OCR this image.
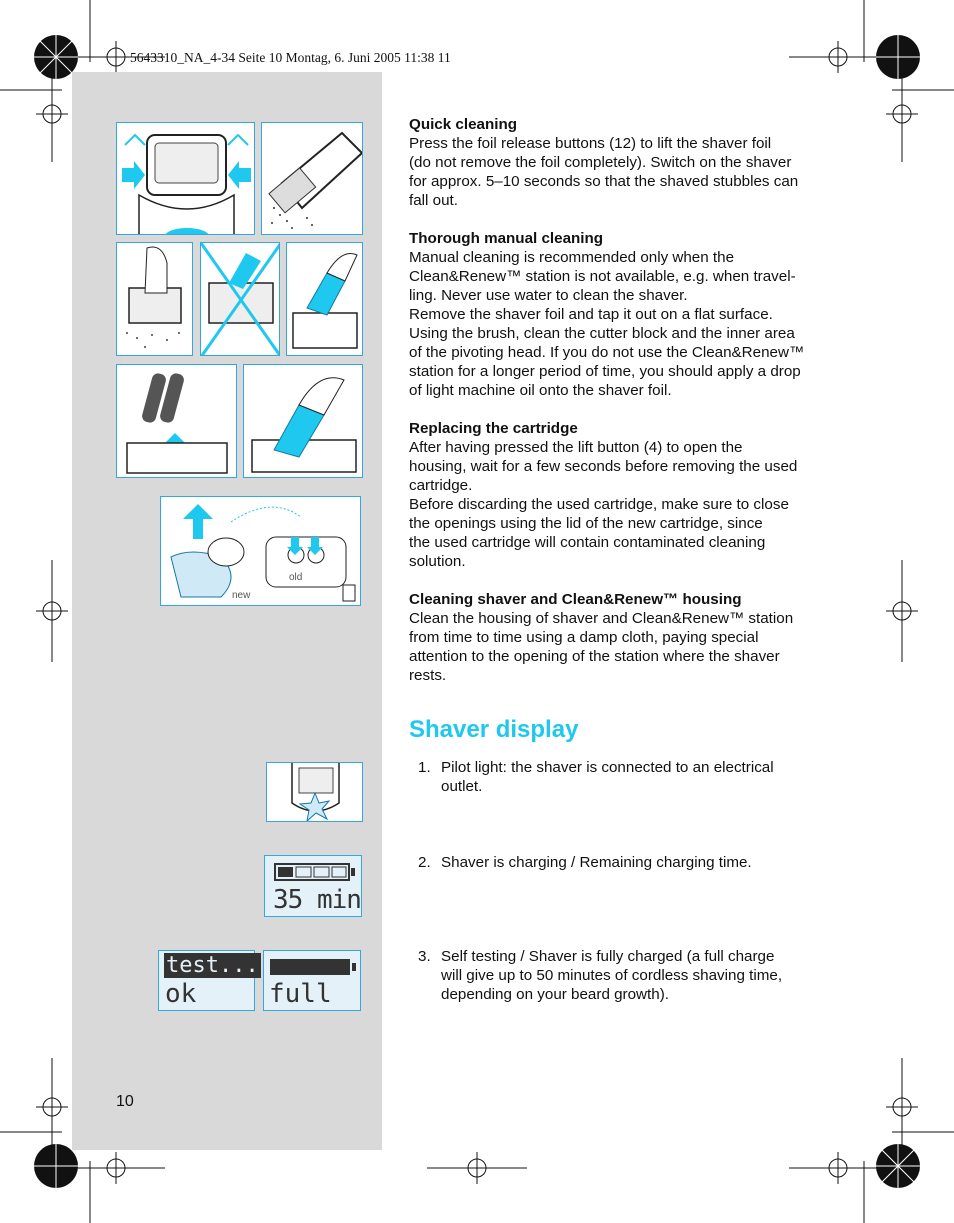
5643310_NA_4-34 Seite 10 Montag, 6. Juni 2005 11:38 11
old
new
35 min
test...
ok	full
Quick cleaning
Press the foil release buttons (12) to lift the shaver foil
(do not remove the foil completely). Switch on the shaver
for approx. 5–10 seconds so that the shaved stubbles can
fall out.
Thorough manual cleaning
Manual cleaning is recommended only when the
Clean&Renew™ station is not available, e.g. when travel-
ling. Never use water to clean the shaver.
Remove the shaver foil and tap it out on a flat surface.
Using the brush, clean the cutter block and the inner area
of the pivoting head. If you do not use the Clean&Renew™
station for a longer period of time, you should apply a drop
of light machine oil onto the shaver foil.
Replacing the cartridge
After having pressed the lift button (4) to open the
housing, wait for a few seconds before removing the used
cartridge.
Before discarding the used cartridge, make sure to close
the openings using the lid of the new cartridge, since
the used cartridge will contain contaminated cleaning
solution.
Cleaning shaver and Clean&Renew™ housing
Clean the housing of shaver and Clean&Renew™ station
from time to time using a damp cloth, paying special
attention to the opening of the station where the shaver
rests.
Shaver display
1. Pilot light: the shaver is connected to an electrical
outlet.
2. Shaver is charging / Remaining charging time.
3. Self testing / Shaver is fully charged (a full charge
will give up to 50 minutes of cordless shaving time,
depending on your beard growth).
10
